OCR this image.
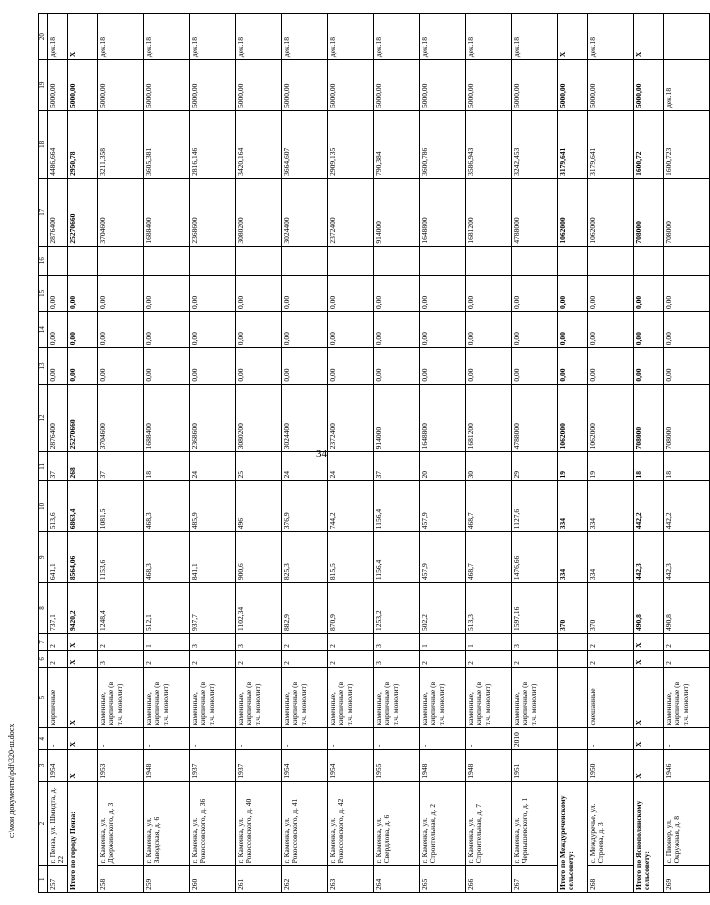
34
c:\мои документы\pdf\320-ш.docx
1	2	3	4	5	6	7	8	9	10	11	12	13	14	15	16	17	18	19	20
257	г. Пенза, ул. Шмидта, д. 22	1954	-	кирпичные	2	2	737,1	641,1	513,6	37	2876400	0,00	0,00	0,00		2876400	4486,664	5000,00	дек.18
Итого по городу Пенза:		X	X	X	X	X	9420,2	8564,06	6863,4	268	25270660	0,00	0,00	0,00		25270660	2950,78	5000,00	X
258	г. Каменка, ул. Дзержинского, д. 3	1953	-	каменные, кирпичные (в т.ч. монолит)	3	2	1248,4	1153,6	1081,5	37	3704600	0,00	0,00	0,00		3704600	3211,358	5000,00	дек.18
259	г. Каменка, ул. Заводская, д. 6	1948	-	каменные, кирпичные (в т.ч. монолит)	2	1	512,1	468,3	468,3	18	1688400	0,00	0,00	0,00		1688400	3605,381	5000,00	дек.18
260	г. Каменка, ул. Рокоссовского, д. 36	1937	-	каменные, кирпичные (в т.ч. монолит)	2	3	937,7	841,1	485,9	24	2368600	0,00	0,00	0,00		2368600	2816,146	5000,00	дек.18
261	г. Каменка, ул. Рокоссовского, д. 40	1937	-	каменные, кирпичные (в т.ч. монолит)	2	3	1102,34	900,6	496	25	3080200	0,00	0,00	0,00		3080200	3420,164	5000,00	дек.18
262	г. Каменка, ул. Рокоссовского, д. 41	1954	-	каменные, кирпичные (в т.ч. монолит)	2	2	882,9	825,3	376,9	24	3024400	0,00	0,00	0,00		3024400	3664,607	5000,00	дек.18
263	г. Каменка, ул. Рокоссовского, д. 42	1954	-	каменные, кирпичные (в т.ч. монолит)	2	2	870,9	815,5	744,2	24	2372400	0,00	0,00	0,00		2372400	2909,135	5000,00	дек.18
264	г. Каменка, ул. Свердлова, д. 6	1955	-	каменные, кирпичные (в т.ч. монолит)	3	3	1253,2	1156,4	1156,4	37	914000	0,00	0,00	0,00		914000	790,384	5000,00	дек.18
265	г. Каменка, ул. Строительная, д. 2	1948	-	каменные, кирпичные (в т.ч. монолит)	2	1	502,2	457,9	457,9	20	1648800	0,00	0,00	0,00		1648800	3600,786	5000,00	дек.18
266	г. Каменка, ул. Строительная, д. 7	1948	-	каменные, кирпичные (в т.ч. монолит)	2	1	513,3	468,7	468,7	30	1681200	0,00	0,00	0,00		1681200	3586,943	5000,00	дек.18
267	г. Каменка, ул. Чернышевского, д. 1	1951	2010	каменные, кирпичные (в т.ч. монолит)	2	3	1597,16	1476,66	1127,6	29	4788000	0,00	0,00	0,00		4788000	3242,453	5000,00	дек.18
Итого по Междуреченскому сельсовету:							370	334	334	19	1062000	0,00	0,00	0,00		1062000	3179,641	5000,00	X
268	с. Междуречье, ул. Строева, д. 3	1950	-	смешанные	2	2	370	334	334	19	1062000	0,00	0,00	0,00		1062000	3179,641	5000,00	дек.18
Итого по Яснополянскому сельсовету:		X	X	X	X	X	490,8	442,3	442,2	18	708000	0,00	0,00	0,00		708000	1600,72	5000,00	X
269	с. Пионер, ул. Окружная, д. 8	1946	-	каменные, кирпичные (в т.ч. монолит)	2	2	490,8	442,3	442,2	18	708000	0,00	0,00	0,00		708000	1600,723	дек.18	
